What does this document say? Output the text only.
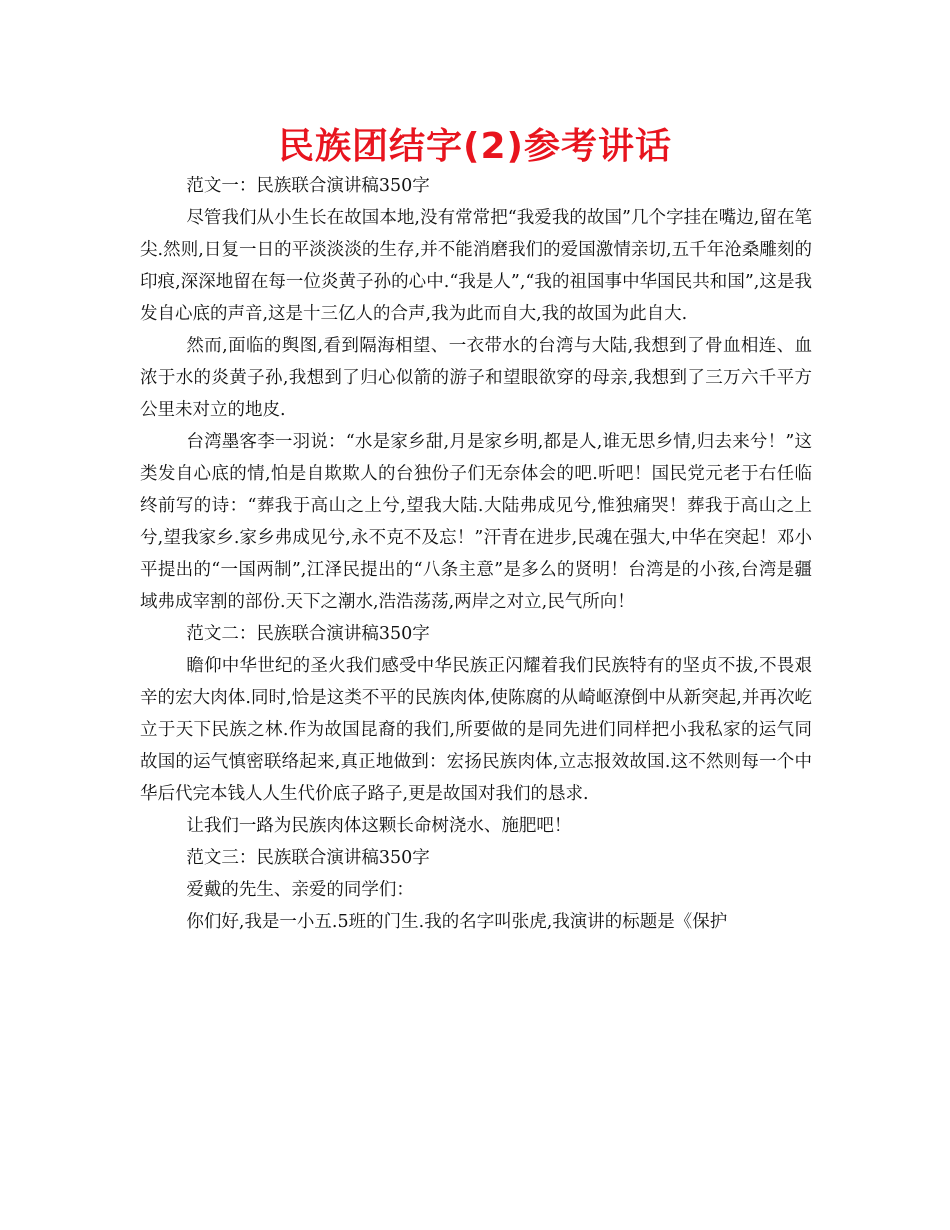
民族团结字(2)参考讲话

范文一：民族联合演讲稿350字

尽管我们从小生长在故国本地,没有常常把“我爱我的故国”几个字挂在嘴边,留在笔尖.然则,日复一日的平淡淡淡的生存,并不能消磨我们的爱国激情亲切,五千年沧桑雕刻的印痕,深深地留在每一位炎黄子孙的心中.“我是人”,“我的祖国事中华国民共和国”,这是我发自心底的声音,这是十三亿人的合声,我为此而自大,我的故国为此自大.

然而,面临的舆图,看到隔海相望、一衣带水的台湾与大陆,我想到了骨血相连、血浓于水的炎黄子孙,我想到了归心似箭的游子和望眼欲穿的母亲,我想到了三万六千平方公里未对立的地皮.

台湾墨客李一羽说：“水是家乡甜,月是家乡明,都是人,谁无思乡情,归去来兮！”这类发自心底的情,怕是自欺欺人的台独份子们无奈体会的吧.听吧！国民党元老于右任临终前写的诗：“葬我于高山之上兮,望我大陆.大陆弗成见兮,惟独痛哭！葬我于高山之上兮,望我家乡.家乡弗成见兮,永不克不及忘！”汗青在进步,民魂在强大,中华在突起！邓小平提出的“一国两制”,江泽民提出的“八条主意”是多么的贤明！台湾是的小孩,台湾是疆域弗成宰割的部份.天下之潮水,浩浩荡荡,两岸之对立,民气所向！

范文二：民族联合演讲稿350字

瞻仰中华世纪的圣火我们感受中华民族正闪耀着我们民族特有的坚贞不拔,不畏艰辛的宏大肉体.同时,恰是这类不平的民族肉体,使陈腐的从崎岖潦倒中从新突起,并再次屹立于天下民族之林.作为故国昆裔的我们,所要做的是同先进们同样把小我私家的运气同故国的运气慎密联络起来,真正地做到：宏扬民族肉体,立志报效故国.这不然则每一个中华后代完本钱人人生代价底子路子,更是故国对我们的恳求.

让我们一路为民族肉体这颗长命树浇水、施肥吧！

范文三：民族联合演讲稿350字

爱戴的先生、亲爱的同学们：

你们好,我是一小五.5班的门生.我的名字叫张虎,我演讲的标题是《保护
